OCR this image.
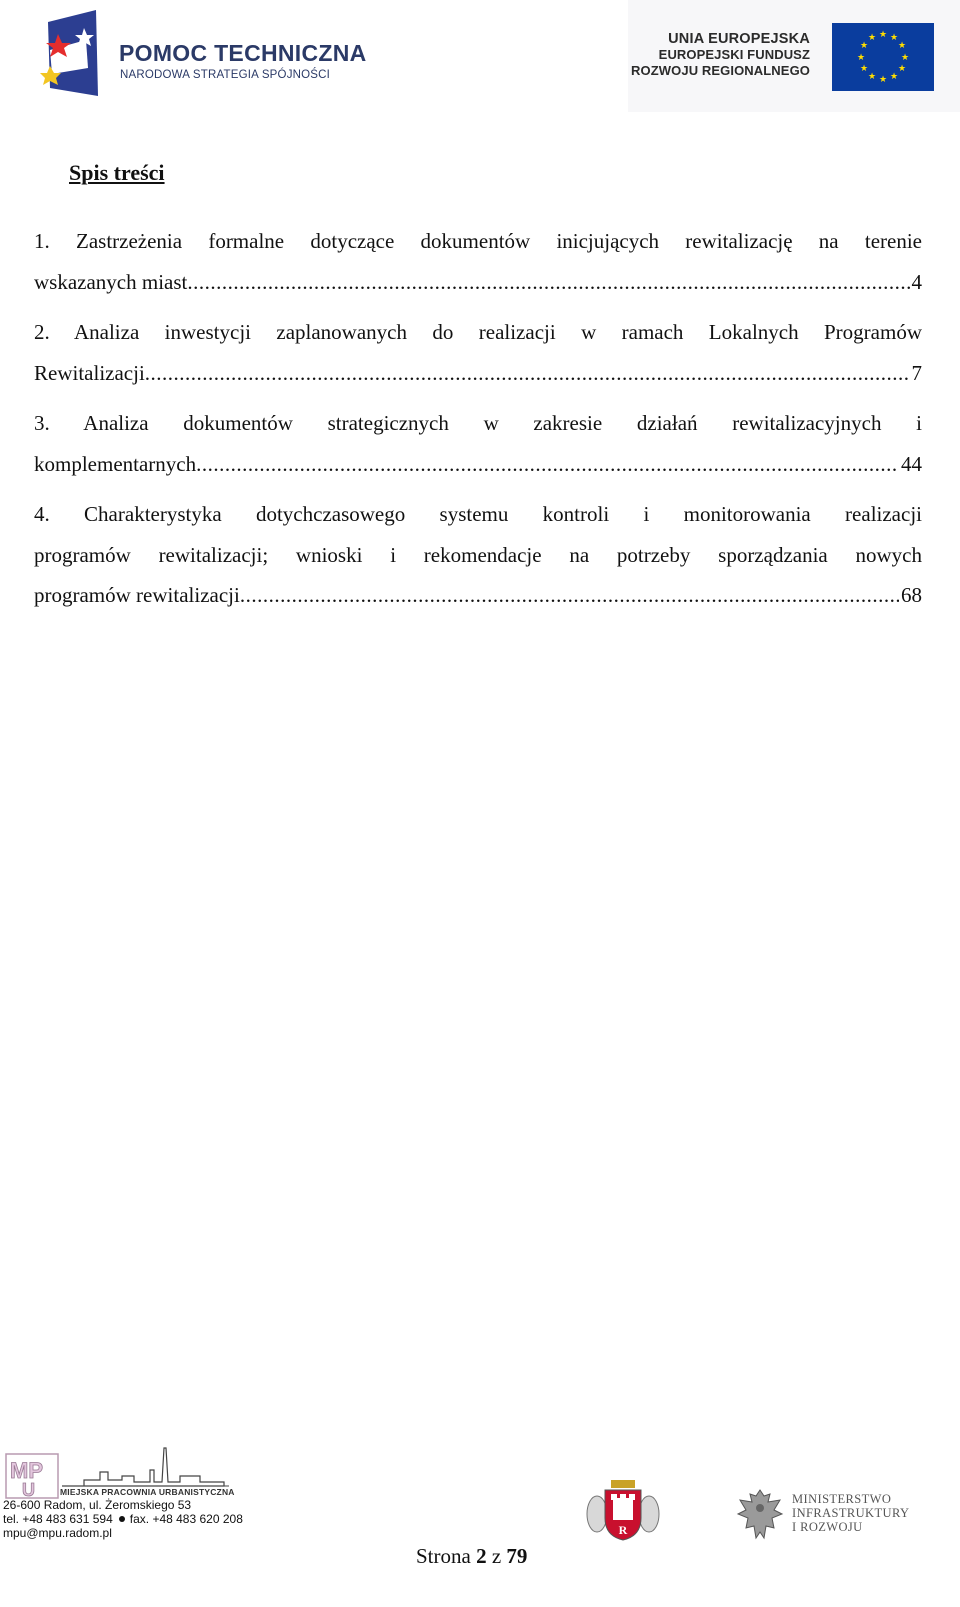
POMOC TECHNICZNA
NARODOWA STRATEGIA SPÓJNOŚCI
UNIA EUROPEJSKA
EUROPEJSKI FUNDUSZ
ROZWOJU REGIONALNEGO
★ ★
★
★
★
★
★
★
★
★
★
★
Spis treści
1. Zastrzeżenia formalne dotyczące dokumentów inicjujących rewitalizację na terenie
wskazanych miast .....	4
2. Analiza inwestycji zaplanowanych do realizacji w ramach Lokalnych Programów
Rewitalizacji .....	7
3. Analiza dokumentów strategicznych w zakresie działań rewitalizacyjnych i
komplementarnych .....	44
4. Charakterystyka dotychczasowego systemu kontroli i monitorowania realizacji
programów rewitalizacji; wnioski i rekomendacje na potrzeby sporządzania nowych
programów rewitalizacji .....	68
MP
U	MIEJSKA PRACOWNIA URBANISTYCZNA
26-600 Radom, ul. Żeromskiego 53
tel. +48 483 631 594 fax. +48 483 620 208
mpu@mpu.radom.pl
Strona 2 z 79
R
MINISTERSTWO
INFRASTRUKTURY
I ROZWOJU
